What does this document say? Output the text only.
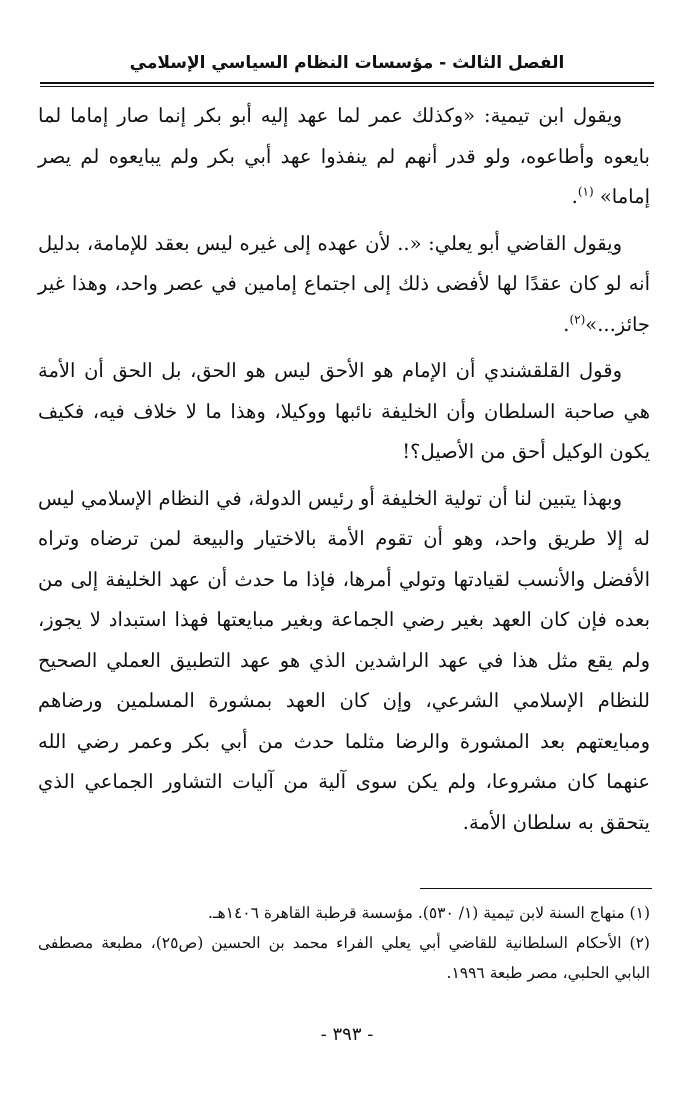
الفصل الثالث - مؤسسات النظام السياسي الإسلامي

ويقول ابن تيمية: «وكذلك عمر لما عهد إليه أبو بكر إنما صار إماما لما بايعوه وأطاعوه، ولو قدر أنهم لم ينفذوا عهد أبي بكر ولم يبايعوه لم يصر إماما» $^{(١)}$.

ويقول القاضي أبو يعلي: «.. لأن عهده إلى غيره ليس بعقد للإمامة، بدليل أنه لو كان عقدًا لها لأفضى ذلك إلى اجتماع إمامين في عصر واحد، وهذا غير جائز...»$^{(٢)}$.

وقول القلقشندي أن الإمام هو الأحق ليس هو الحق، بل الحق أن الأمة هي صاحبة السلطان وأن الخليفة نائبها ووكيلا، وهذا ما لا خلاف فيه، فكيف يكون الوكيل أحق من الأصيل؟!

وبهذا يتبين لنا أن تولية الخليفة أو رئيس الدولة، في النظام الإسلامي ليس له إلا طريق واحد، وهو أن تقوم الأمة بالاختيار والبيعة لمن ترضاه وتراه الأفضل والأنسب لقيادتها وتولي أمرها، فإذا ما حدث أن عهد الخليفة إلى من بعده فإن كان العهد بغير رضي الجماعة وبغير مبايعتها فهذا استبداد لا يجوز، ولم يقع مثل هذا في عهد الراشدين الذي هو عهد التطبيق العملي الصحيح للنظام الإسلامي الشرعي، وإن كان العهد بمشورة المسلمين ورضاهم ومبايعتهم بعد المشورة والرضا مثلما حدث من أبي بكر وعمر رضي الله عنهما كان مشروعا، ولم يكن سوى آلية من آليات التشاور الجماعي الذي يتحقق به سلطان الأمة.

(١) منهاج السنة لابن تيمية (١/ ٥٣٠). مؤسسة قرطبة القاهرة ١٤٠٦هـ.

(٢) الأحكام السلطانية للقاضي أبي يعلي الفراء محمد بن الحسين (ص٢٥)، مطبعة مصطفى البابي الحلبي، مصر طبعة ١٩٩٦.

- ٣٩٣ -
